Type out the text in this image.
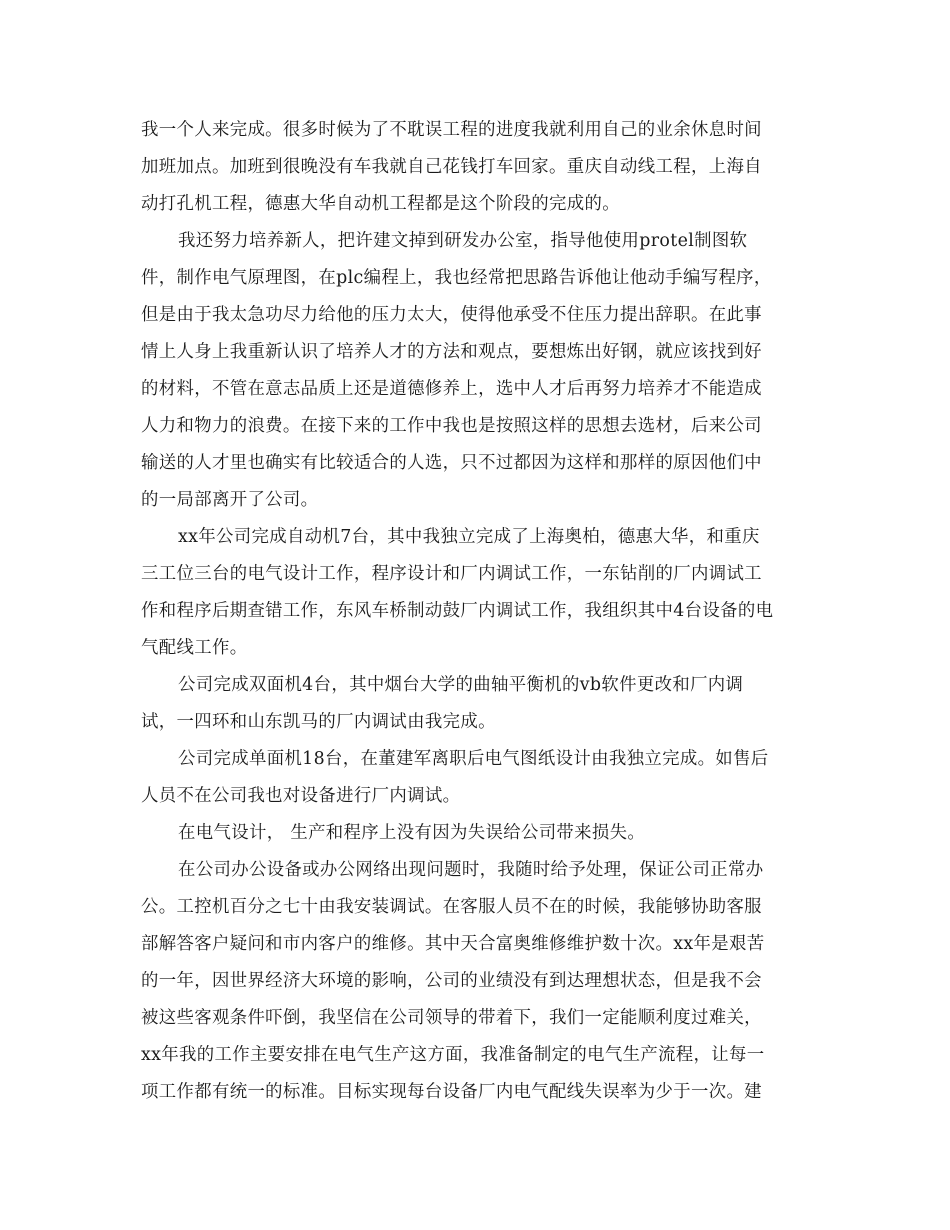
我一个人来完成。很多时候为了不耽误工程的进度我就利用自己的业余休息时间
加班加点。加班到很晚没有车我就自己花钱打车回家。重庆自动线工程，上海自
动打孔机工程，德惠大华自动机工程都是这个阶段的完成的。
我还努力培养新人，把许建文掉到研发办公室，指导他使用protel制图软
件，制作电气原理图，在plc编程上，我也经常把思路告诉他让他动手编写程序，
但是由于我太急功尽力给他的压力太大，使得他承受不住压力提出辞职。在此事
情上人身上我重新认识了培养人才的方法和观点，要想炼出好钢，就应该找到好
的材料，不管在意志品质上还是道德修养上，选中人才后再努力培养才不能造成
人力和物力的浪费。在接下来的工作中我也是按照这样的思想去选材，后来公司
输送的人才里也确实有比较适合的人选，只不过都因为这样和那样的原因他们中
的一局部离开了公司。
xx年公司完成自动机7台，其中我独立完成了上海奥柏，德惠大华，和重庆
三工位三台的电气设计工作，程序设计和厂内调试工作，一东钻削的厂内调试工
作和程序后期查错工作，东风车桥制动鼓厂内调试工作，我组织其中4台设备的电
气配线工作。
公司完成双面机4台，其中烟台大学的曲轴平衡机的vb软件更改和厂内调
试，一四环和山东凯马的厂内调试由我完成。
公司完成单面机18台，在董建军离职后电气图纸设计由我独立完成。如售后
人员不在公司我也对设备进行厂内调试。
在电气设计， 生产和程序上没有因为失误给公司带来损失。
在公司办公设备或办公网络出现问题时，我随时给予处理，保证公司正常办
公。工控机百分之七十由我安装调试。在客服人员不在的时候，我能够协助客服
部解答客户疑问和市内客户的维修。其中天合富奥维修维护数十次。xx年是艰苦
的一年，因世界经济大环境的影响，公司的业绩没有到达理想状态，但是我不会
被这些客观条件吓倒，我坚信在公司领导的带着下，我们一定能顺利度过难关，
xx年我的工作主要安排在电气生产这方面，我准备制定的电气生产流程，让每一
项工作都有统一的标准。目标实现每台设备厂内电气配线失误率为少于一次。建
